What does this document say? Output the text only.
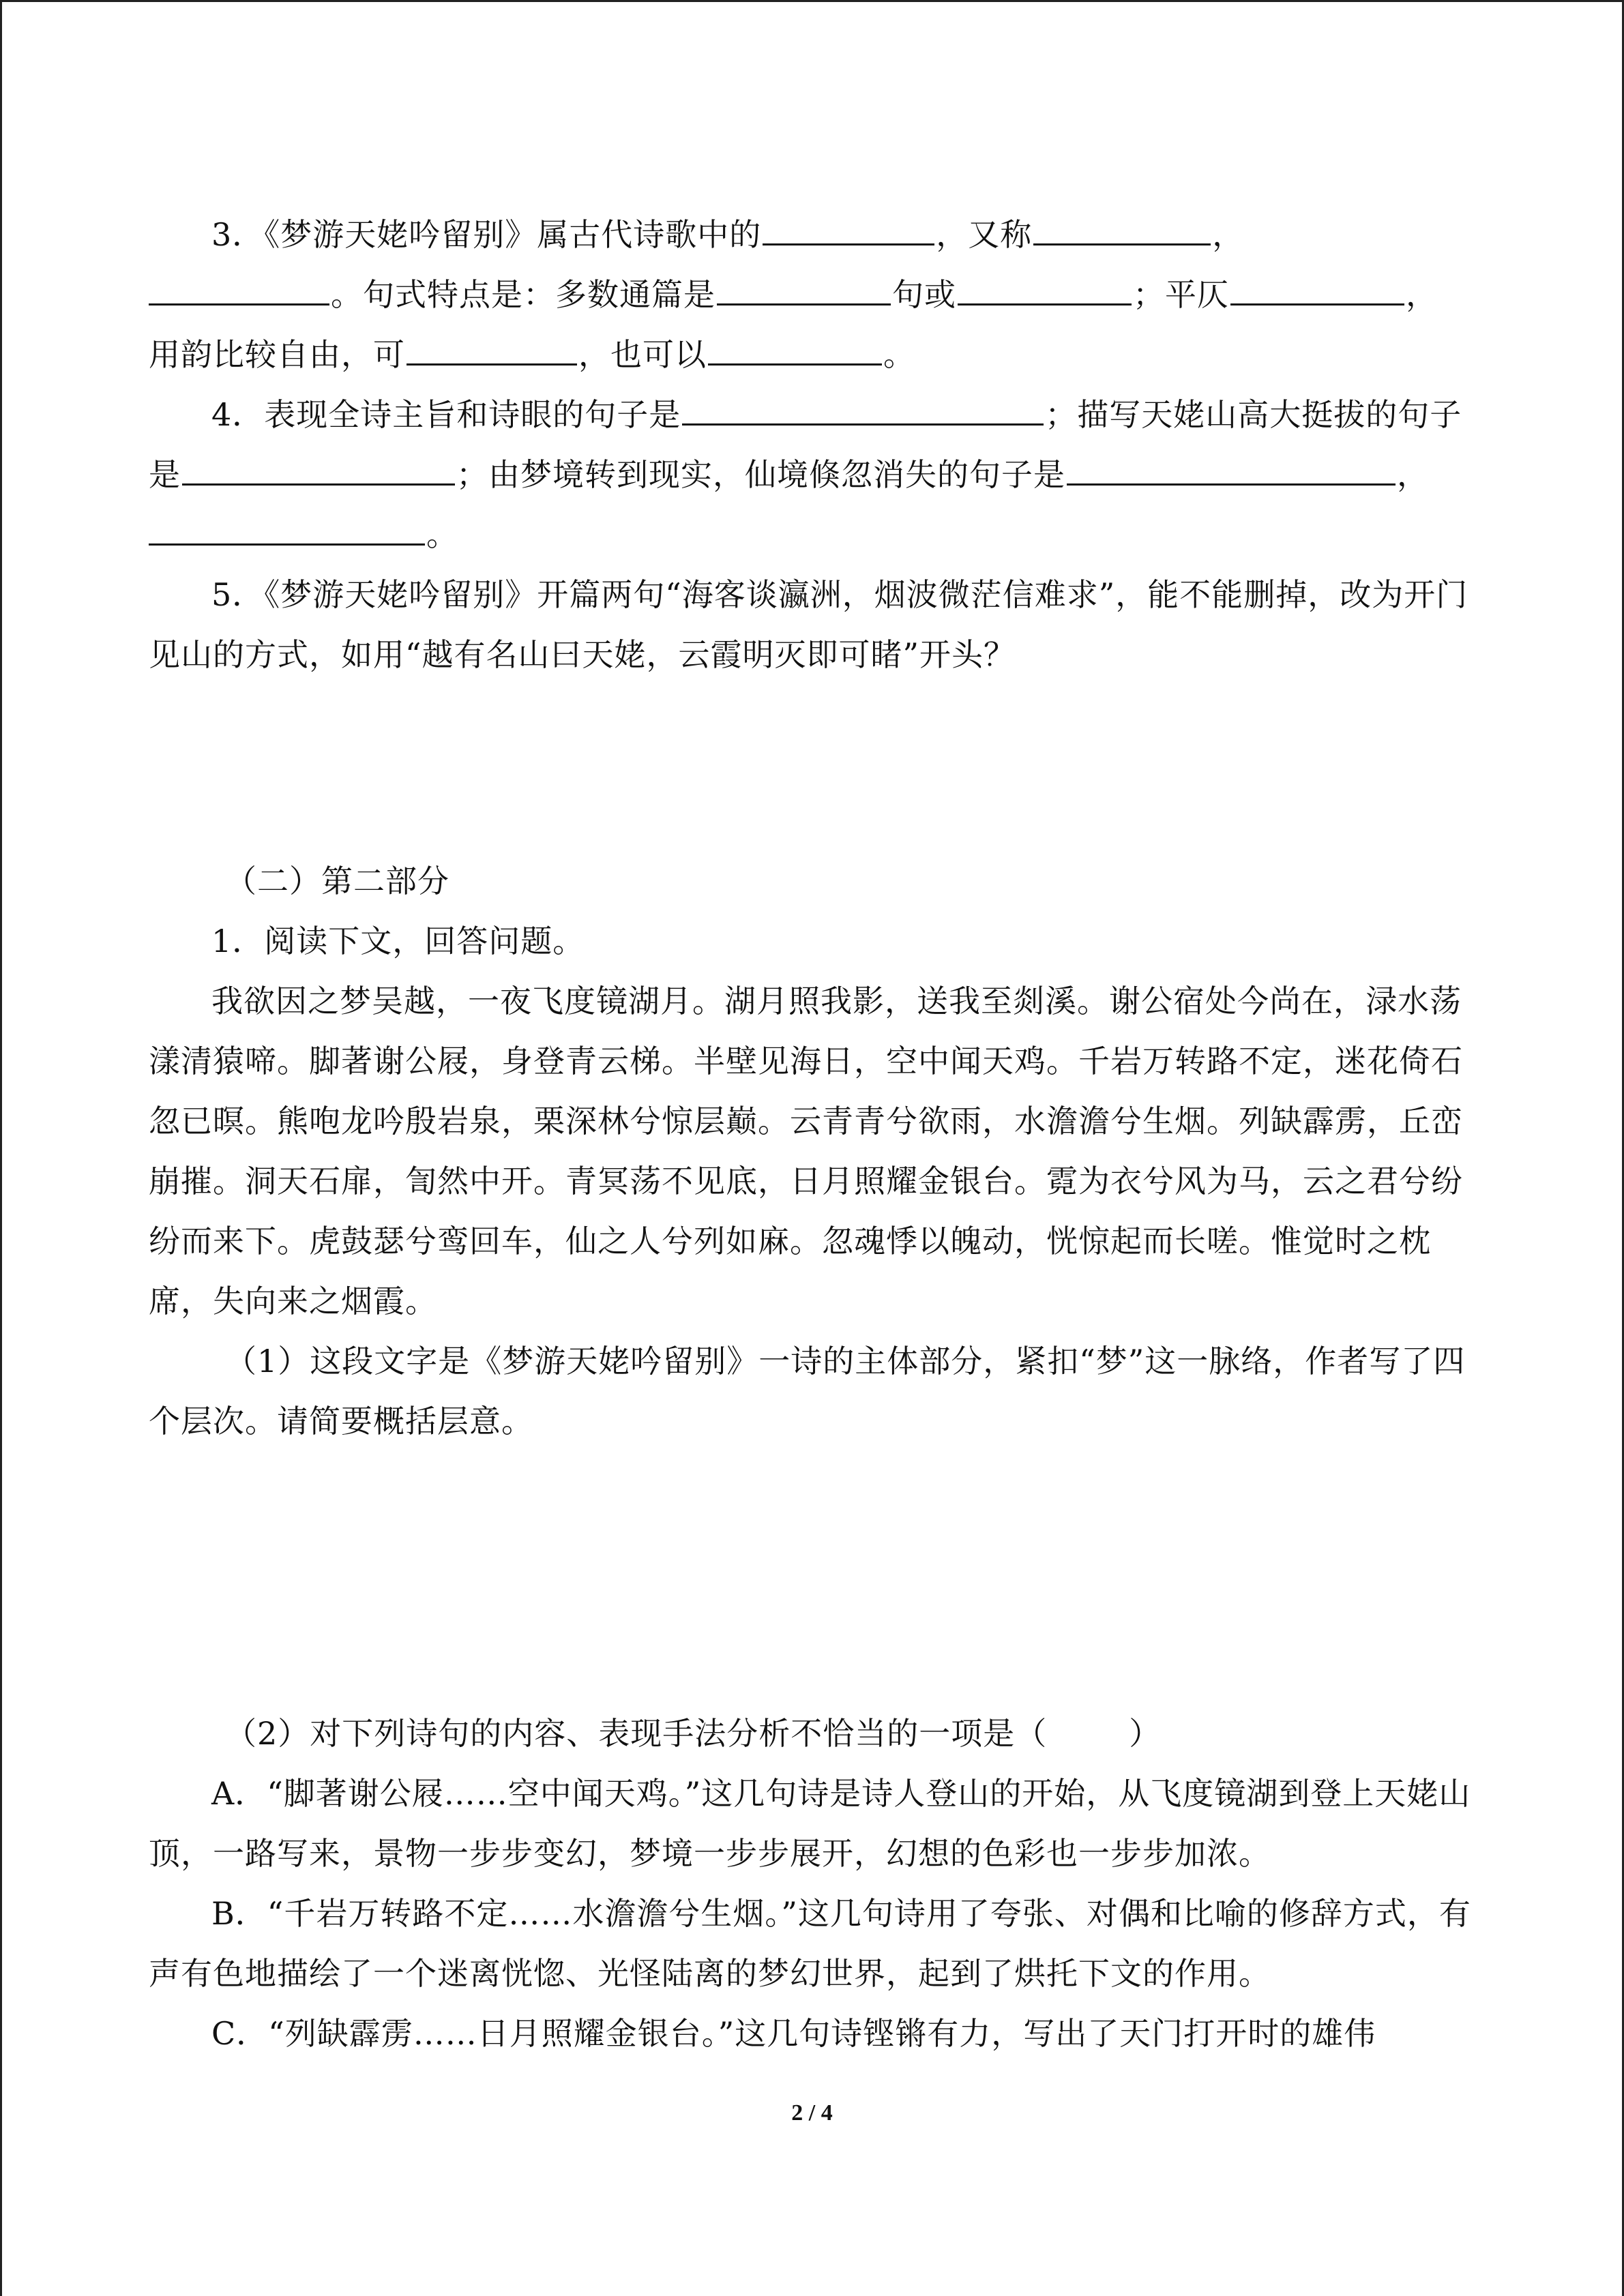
3．《梦游天姥吟留别》属古代诗歌中的	，又称	，
。句式特点是：多数通篇是	句或	；平仄	，
用韵比较自由，可	，也可以	。

4．表现全诗主旨和诗眼的句子是	；描写天姥山高大挺拔的句子
是	；由梦境转到现实，仙境倏忽消失的句子是	，
。

5．《梦游天姥吟留别》开篇两句“海客谈瀛洲，烟波微茫信难求”，能不能删掉，改为开门见山的方式，如用“越有名山曰天姥，云霞明灭即可睹”开头？

（二）第二部分

1．阅读下文，回答问题。

我欲因之梦吴越，一夜飞度镜湖月。湖月照我影，送我至剡溪。谢公宿处今尚在，渌水荡漾清猿啼。脚著谢公屐，身登青云梯。半壁见海日，空中闻天鸡。千岩万转路不定，迷花倚石忽已暝。熊咆龙吟殷岩泉，栗深林兮惊层巅。云青青兮欲雨，水澹澹兮生烟。列缺霹雳，丘峦崩摧。洞天石扉，訇然中开。青冥荡不见底，日月照耀金银台。霓为衣兮风为马，云之君兮纷纷而来下。虎鼓瑟兮鸾回车，仙之人兮列如麻。忽魂悸以魄动，恍惊起而长嗟。惟觉时之枕席，失向来之烟霞。

（1）这段文字是《梦游天姥吟留别》一诗的主体部分，紧扣“梦”这一脉络，作者写了四个层次。请简要概括层意。

（2）对下列诗句的内容、表现手法分析不恰当的一项是（	）

A．“脚著谢公屐……空中闻天鸡。”这几句诗是诗人登山的开始，从飞度镜湖到登上天姥山顶，一路写来，景物一步步变幻，梦境一步步展开，幻想的色彩也一步步加浓。

B．“千岩万转路不定……水澹澹兮生烟。”这几句诗用了夸张、对偶和比喻的修辞方式，有声有色地描绘了一个迷离恍惚、光怪陆离的梦幻世界，起到了烘托下文的作用。

C．“列缺霹雳……日月照耀金银台。”这几句诗铿锵有力，写出了天门打开时的雄伟

2 / 4
